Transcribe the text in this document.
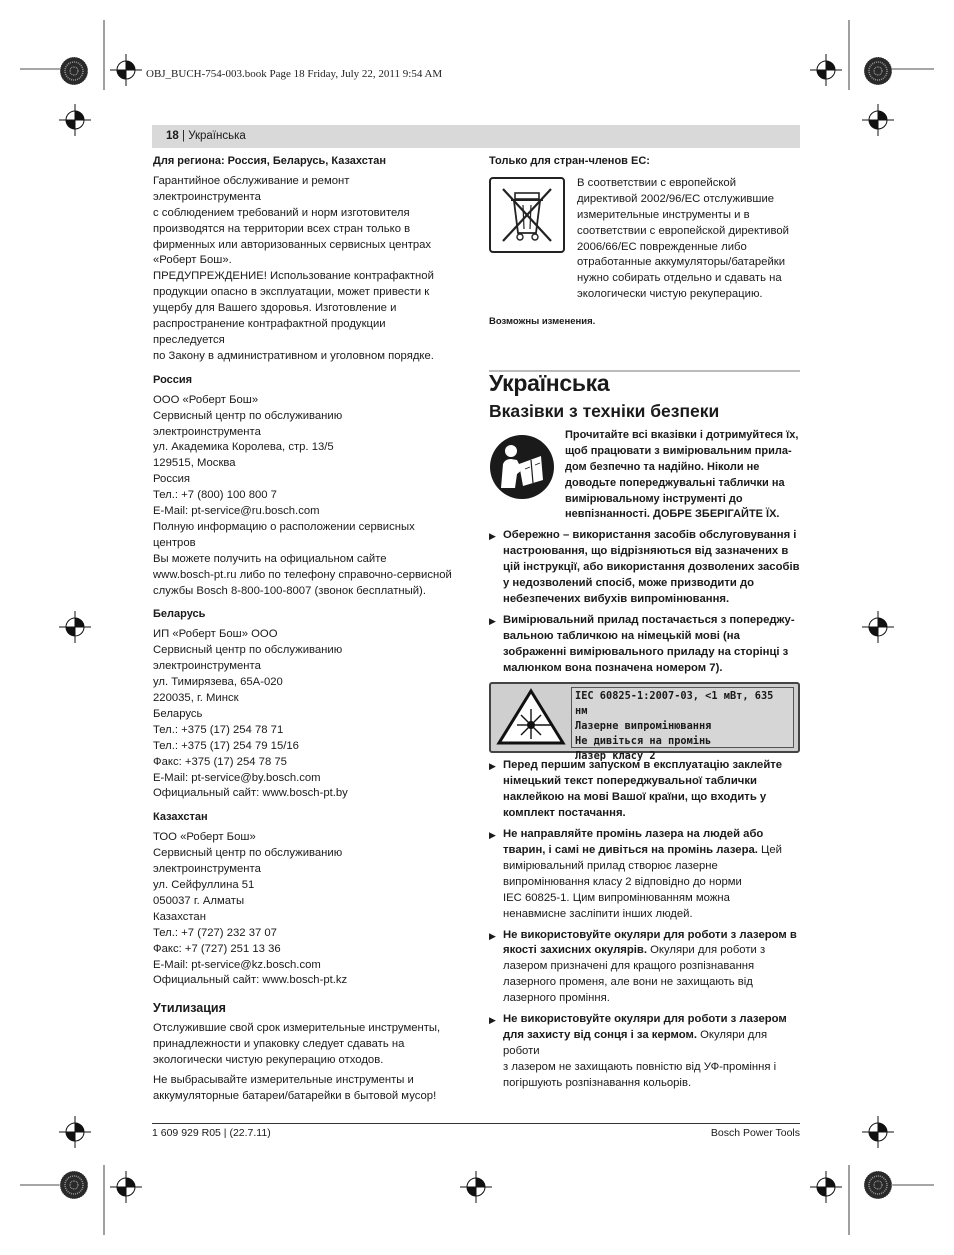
OBJ_BUCH-754-003.book Page 18 Friday, July 22, 2011 9:54 AM
18 | Українська

Для региона: Россия, Беларусь, Казахстан

Гарантийное обслуживание и ремонт электроинструмента
с соблюдением требований и норм изготовителя
производятся на территории всех стран только в
фирменных или авторизованных сервисных центрах
«Роберт Бош».

ПРЕДУПРЕЖДЕНИЕ! Использование контрафактной
продукции опасно в эксплуатации, может привести к
ущербу для Вашего здоровья. Изготовление и
распространение контрафактной продукции преследуется
по Закону в административном и уголовном порядке.

Россия

ООО «Роберт Бош»
Сервисный центр по обслуживанию электроинструмента
ул. Академика Королева, стр. 13/5
129515, Москва
Россия
Тел.: +7 (800) 100 800 7
E-Mail: pt-service@ru.bosch.com
Полную информацию о расположении сервисных центров
Вы можете получить на официальном сайте
www.bosch-pt.ru либо по телефону справочно-сервисной
службы Bosch 8-800-100-8007 (звонок бесплатный).

Беларусь

ИП «Роберт Бош» ООО
Сервисный центр по обслуживанию электроинструмента
ул. Тимирязева, 65А-020
220035, г. Минск
Беларусь
Тел.: +375 (17) 254 78 71
Тел.: +375 (17) 254 79 15/16
Факс: +375 (17) 254 78 75
E-Mail: pt-service@by.bosch.com
Официальный сайт: www.bosch-pt.by

Казахстан

ТОО «Роберт Бош»
Сервисный центр по обслуживанию электроинструмента
ул. Сейфуллина 51
050037 г. Алматы
Казахстан
Тел.: +7 (727) 232 37 07
Факс: +7 (727) 251 13 36
E-Mail: pt-service@kz.bosch.com
Официальный сайт: www.bosch-pt.kz

Утилизация

Отслужившие свой срок измерительные инструменты,
принадлежности и упаковку следует сдавать на
экологически чистую рекуперацию отходов.

Не выбрасывайте измерительные инструменты и
аккумуляторные батареи/батарейки в бытовой мусор!

Только для стран-членов ЕС:

В соответствии с европейской
директивой 2002/96/EC отслужившие
измерительные инструменты и в
соответствии с европейской директивой
2006/66/EC поврежденные либо
отработанные аккумуляторы/батарейки
нужно собирать отдельно и сдавать на
экологически чистую рекуперацию.

Возможны изменения.

Українська

Вказівки з техніки безпеки

Прочитайте всі вказівки і дотримуйтеся їх,
щоб працювати з вимірювальним прила-
дом безпечно та надійно. Ніколи не
доводьте попереджувальні таблички на
вимірювальному інструменті до
невпізнанності. ДОБРЕ ЗБЕРІГАЙТЕ ЇХ.

▶ Обережно – використання засобів обслуговування і
настроювання, що відрізняються від зазначених в
цій інструкції, або використання дозволених засобів
у недозволений спосіб, може призводити до
небезпечених вибухів випромінювання.

▶ Вимірювальний прилад постачається з попереджу-
вальною табличкою на німецькій мові (на
зображенні вимірювального приладу на сторінці з
малюнком вона позначена номером 7).

IEC 60825-1:2007-03, <1 мВт, 635 нм
Лазерне випромінювання
Не дивіться на промінь
Лазер класу 2
▶ Перед першим запуском в експлуатацію заклейте
німецький текст попереджувальної таблички
наклейкою на мові Вашої країни, що входить у
комплект постачання.

▶ Не направляйте промінь лазера на людей або
тварин, і самі не дивіться на промінь лазера. Цей
вимірювальний прилад створює лазерне
випромінювання класу 2 відповідно до норми
IEC 60825-1. Цим випромінюванням можна
ненавмисне засліпити інших людей.

▶ Не використовуйте окуляри для роботи з лазером в
якості захисних окулярів. Окуляри для роботи з
лазером призначені для кращого розпізнавання
лазерного променя, але вони не захищають від
лазерного проміння.

▶ Не використовуйте окуляри для роботи з лазером
для захисту від сонця і за кермом. Окуляри для роботи
з лазером не захищають повністю від УФ-проміння і
погіршують розпізнавання кольорів.

1 609 929 R05 | (22.7.11)	Bosch Power Tools
